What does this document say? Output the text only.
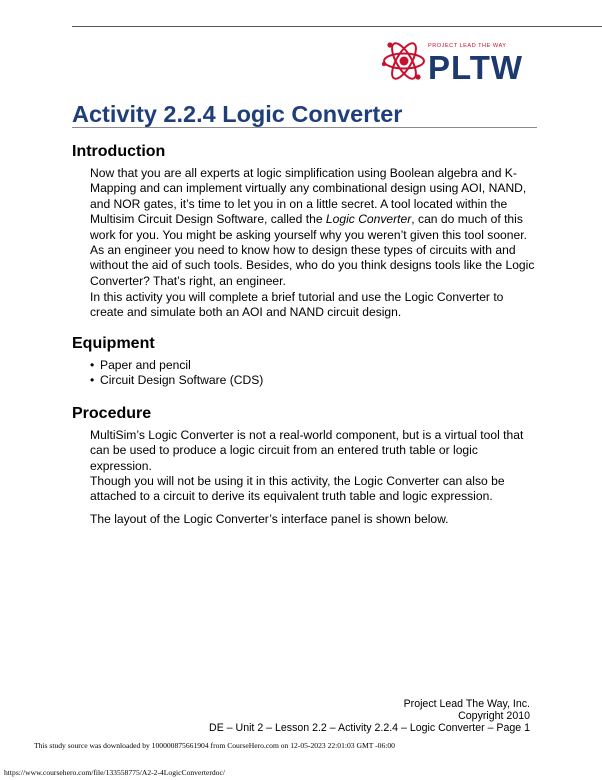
PROJECT LEAD THE WAY
PLTW
Activity 2.2.4 Logic Converter
Introduction

Now that you are all experts at logic simplification using Boolean algebra and K-Mapping and can implement virtually any combinational design using AOI, NAND, and NOR gates, it’s time to let you in on a little secret. A tool located within the Multisim Circuit Design Software, called the Logic Converter, can do much of this work for you. You might be asking yourself why you weren’t given this tool sooner. As an engineer you need to know how to design these types of circuits with and without the aid of such tools. Besides, who do you think designs tools like the Logic Converter? That’s right, an engineer.

In this activity you will complete a brief tutorial and use the Logic Converter to create and simulate both an AOI and NAND circuit design.

Equipment
• Paper and pencil
• Circuit Design Software (CDS)
Procedure

MultiSim’s Logic Converter is not a real-world component, but is a virtual tool that can be used to produce a logic circuit from an entered truth table or logic expression.

Though you will not be using it in this activity, the Logic Converter can also be attached to a circuit to derive its equivalent truth table and logic expression.

The layout of the Logic Converter’s interface panel is shown below.

Project Lead The Way, Inc.
Copyright 2010
DE – Unit 2 – Lesson 2.2 – Activity 2.2.4 – Logic Converter – Page 1
This study source was downloaded by 100000875661904 from CourseHero.com on 12-05-2023 22:01:03 GMT -06:00
https://www.coursehero.com/file/133558775/A2-2-4LogicConverterdoc/
